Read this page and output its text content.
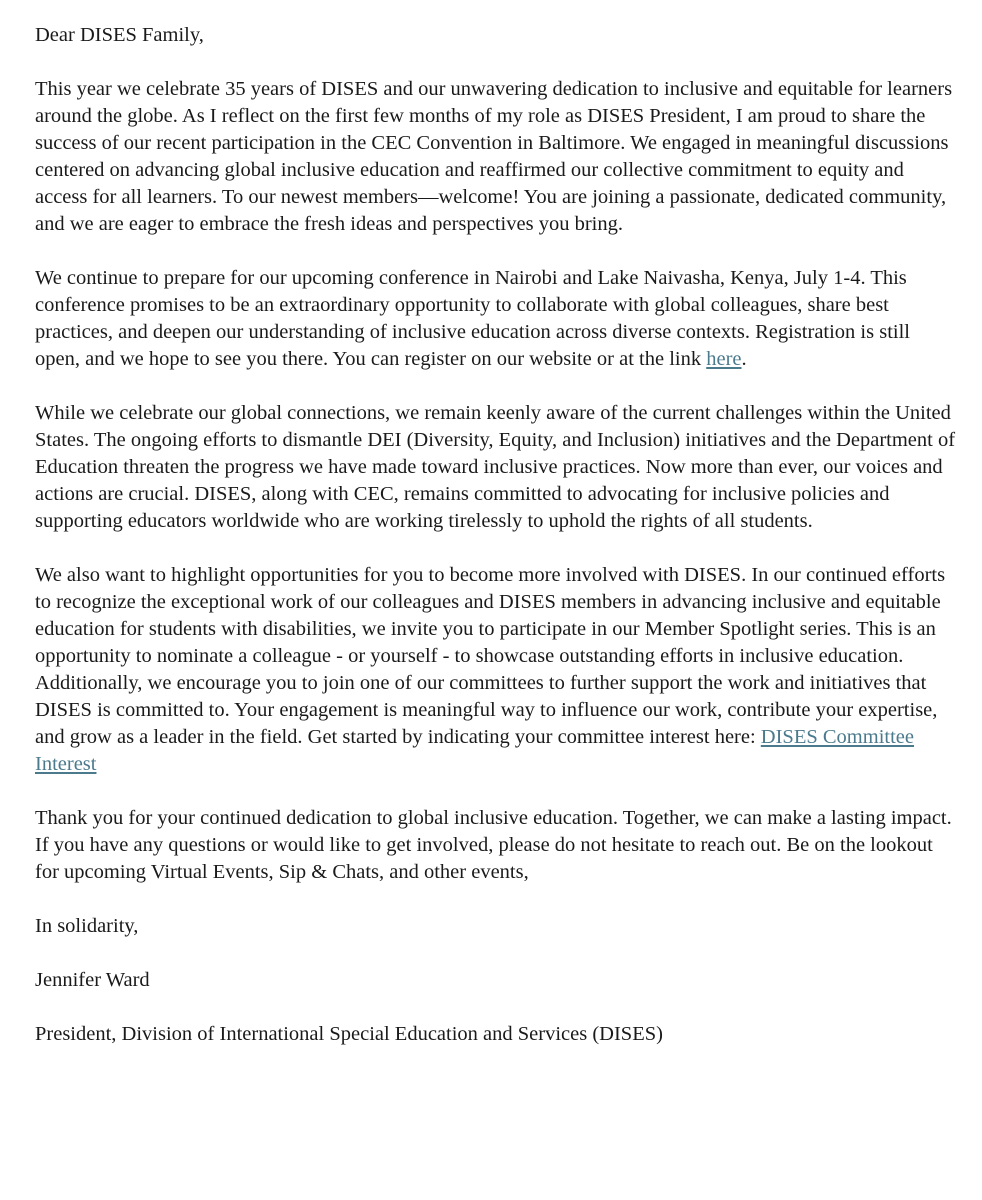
Dear DISES Family,

This year we celebrate 35 years of DISES and our unwavering dedication to inclusive and equitable for learners around the globe. As I reflect on the first few months of my role as DISES President, I am proud to share the success of our recent participation in the CEC Convention in Baltimore. We engaged in meaningful discussions centered on advancing global inclusive education and reaffirmed our collective commitment to equity and access for all learners. To our newest members—welcome! You are joining a passionate, dedicated community, and we are eager to embrace the fresh ideas and perspectives you bring.

We continue to prepare for our upcoming conference in Nairobi and Lake Naivasha, Kenya, July 1-4. This conference promises to be an extraordinary opportunity to collaborate with global colleagues, share best practices, and deepen our understanding of inclusive education across diverse contexts. Registration is still open, and we hope to see you there. You can register on our website or at the link here.

While we celebrate our global connections, we remain keenly aware of the current challenges within the United States. The ongoing efforts to dismantle DEI (Diversity, Equity, and Inclusion) initiatives and the Department of Education threaten the progress we have made toward inclusive practices. Now more than ever, our voices and actions are crucial. DISES, along with CEC, remains committed to advocating for inclusive policies and supporting educators worldwide who are working tirelessly to uphold the rights of all students.

We also want to highlight opportunities for you to become more involved with DISES. In our continued efforts to recognize the exceptional work of our colleagues and DISES members in advancing inclusive and equitable education for students with disabilities, we invite you to participate in our Member Spotlight series. This is an opportunity to nominate a colleague - or yourself - to showcase outstanding efforts in inclusive education. Additionally, we encourage you to join one of our committees to further support the work and initiatives that DISES is committed to. Your engagement is meaningful way to influence our work, contribute your expertise, and grow as a leader in the field. Get started by indicating your committee interest here: DISES Committee Interest

Thank you for your continued dedication to global inclusive education. Together, we can make a lasting impact. If you have any questions or would like to get involved, please do not hesitate to reach out. Be on the lookout for upcoming Virtual Events, Sip & Chats, and other events,

In solidarity,

Jennifer Ward

President, Division of International Special Education and Services (DISES)
